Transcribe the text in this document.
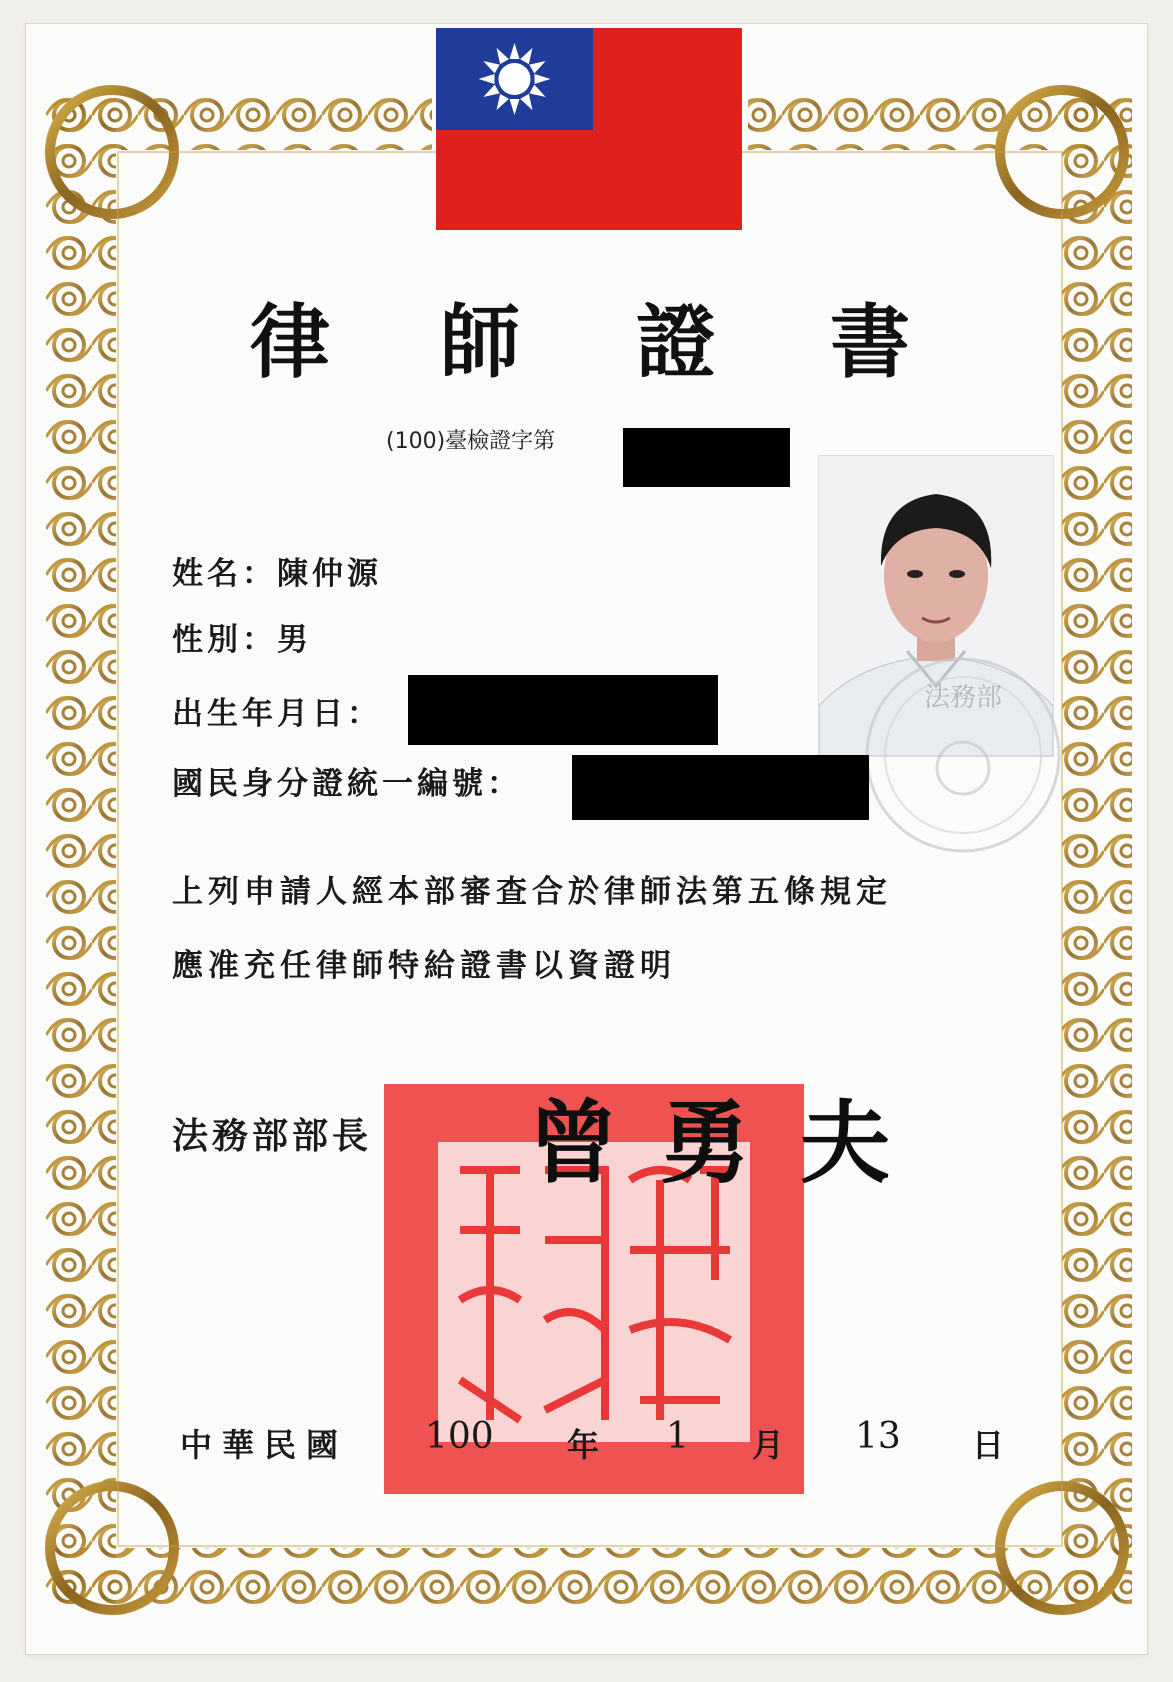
律 師 證 書
(100)臺檢證字第
法務部
姓名：陳仲源
性別：男
出生年月日：
國民身分證統一編號：
上列申請人經本部審查合於律師法第五條規定
應准充任律師特給證書以資證明
法務部部長 曾 勇 夫
中華民國 100 年 1 月 13 日
